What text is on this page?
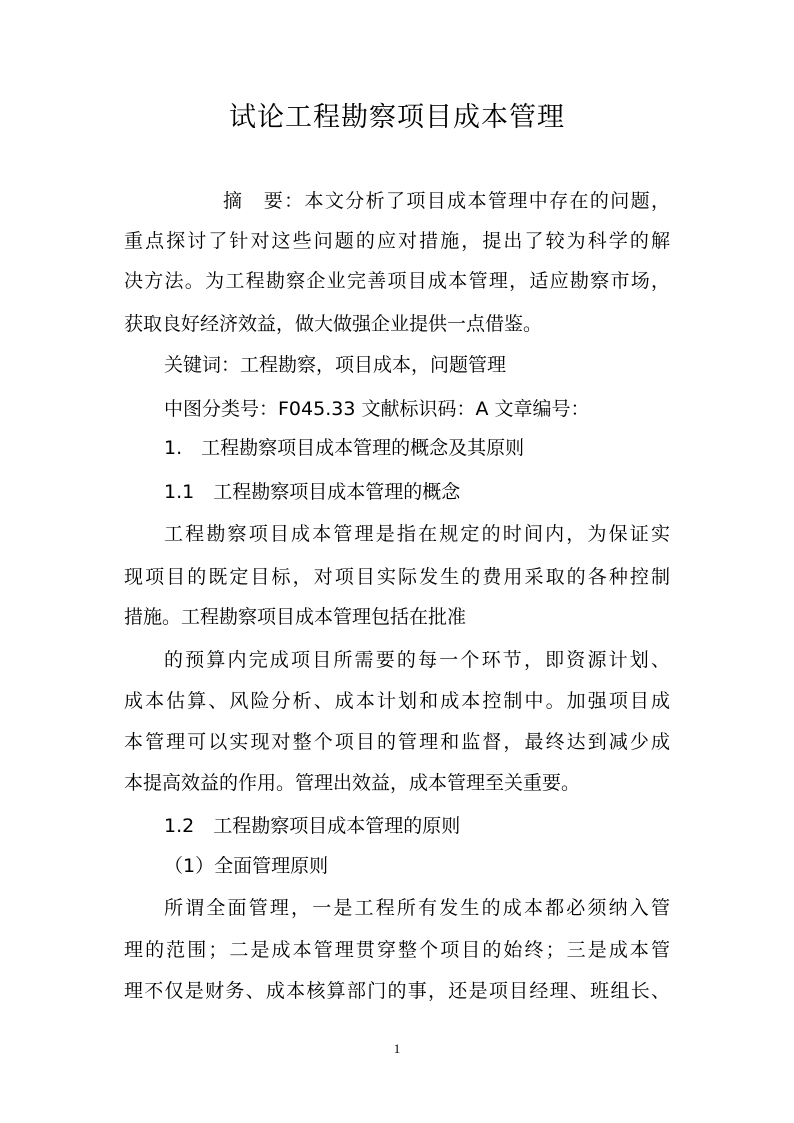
试论工程勘察项目成本管理
摘　要：本文分析了项目成本管理中存在的问题，
重点探讨了针对这些问题的应对措施，提出了较为科学的解
决方法。为工程勘察企业完善项目成本管理，适应勘察市场，
获取良好经济效益，做大做强企业提供一点借鉴。
关键词：工程勘察，项目成本，问题管理
中图分类号：F045.33 文献标识码：A 文章编号：
1.　工程勘察项目成本管理的概念及其原则
1.1　工程勘察项目成本管理的概念
工程勘察项目成本管理是指在规定的时间内，为保证实
现项目的既定目标，对项目实际发生的费用采取的各种控制
措施。工程勘察项目成本管理包括在批准
的预算内完成项目所需要的每一个环节，即资源计划、
成本估算、风险分析、成本计划和成本控制中。加强项目成
本管理可以实现对整个项目的管理和监督，最终达到减少成
本提高效益的作用。管理出效益，成本管理至关重要。
1.2　工程勘察项目成本管理的原则
（1）全面管理原则
所谓全面管理，一是工程所有发生的成本都必须纳入管
理的范围；二是成本管理贯穿整个项目的始终；三是成本管
理不仅是财务、成本核算部门的事，还是项目经理、班组长、
1
